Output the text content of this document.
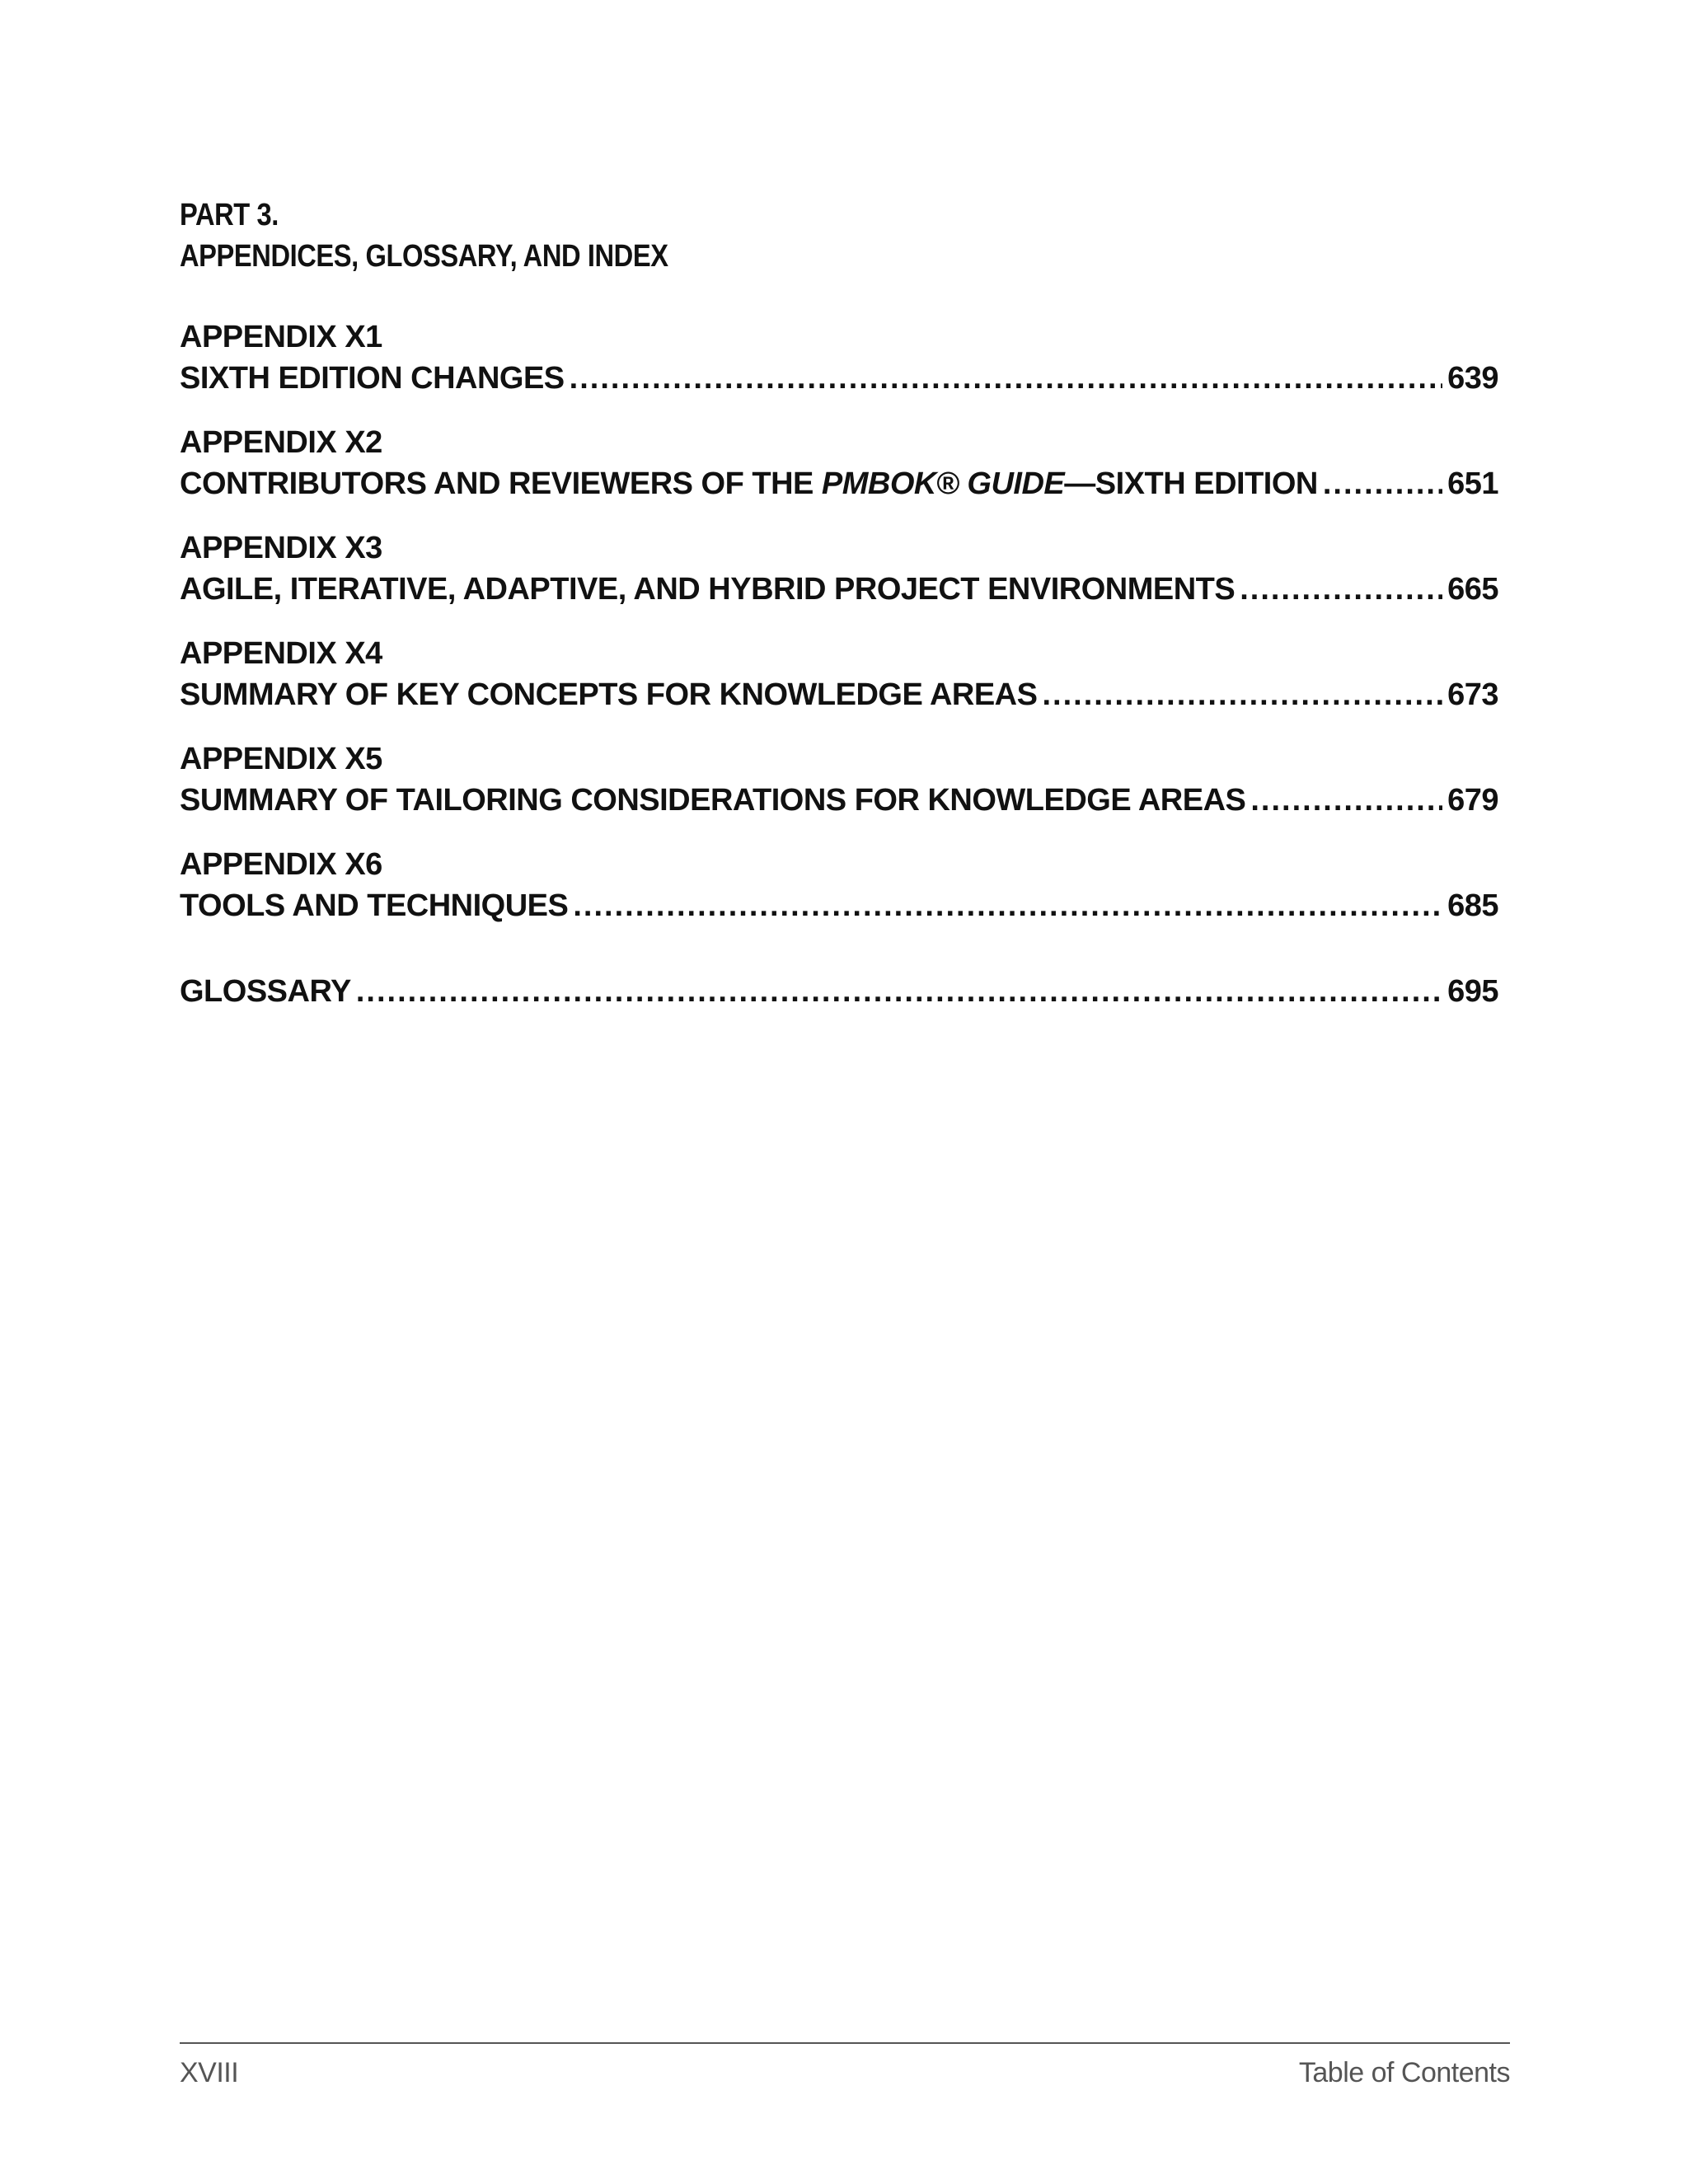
PART 3.
APPENDICES, GLOSSARY, AND INDEX
APPENDIX X1
SIXTH EDITION CHANGES .....	639
APPENDIX X2
CONTRIBUTORS AND REVIEWERS OF THE PMBOK® GUIDE—SIXTH EDITION .....	651
APPENDIX X3
AGILE, ITERATIVE, ADAPTIVE, AND HYBRID PROJECT ENVIRONMENTS .....	665
APPENDIX X4
SUMMARY OF KEY CONCEPTS FOR KNOWLEDGE AREAS .....	673
APPENDIX X5
SUMMARY OF TAILORING CONSIDERATIONS FOR KNOWLEDGE AREAS .....	679
APPENDIX X6
TOOLS AND TECHNIQUES .....	685
GLOSSARY .....	695
XVIII	Table of Contents
